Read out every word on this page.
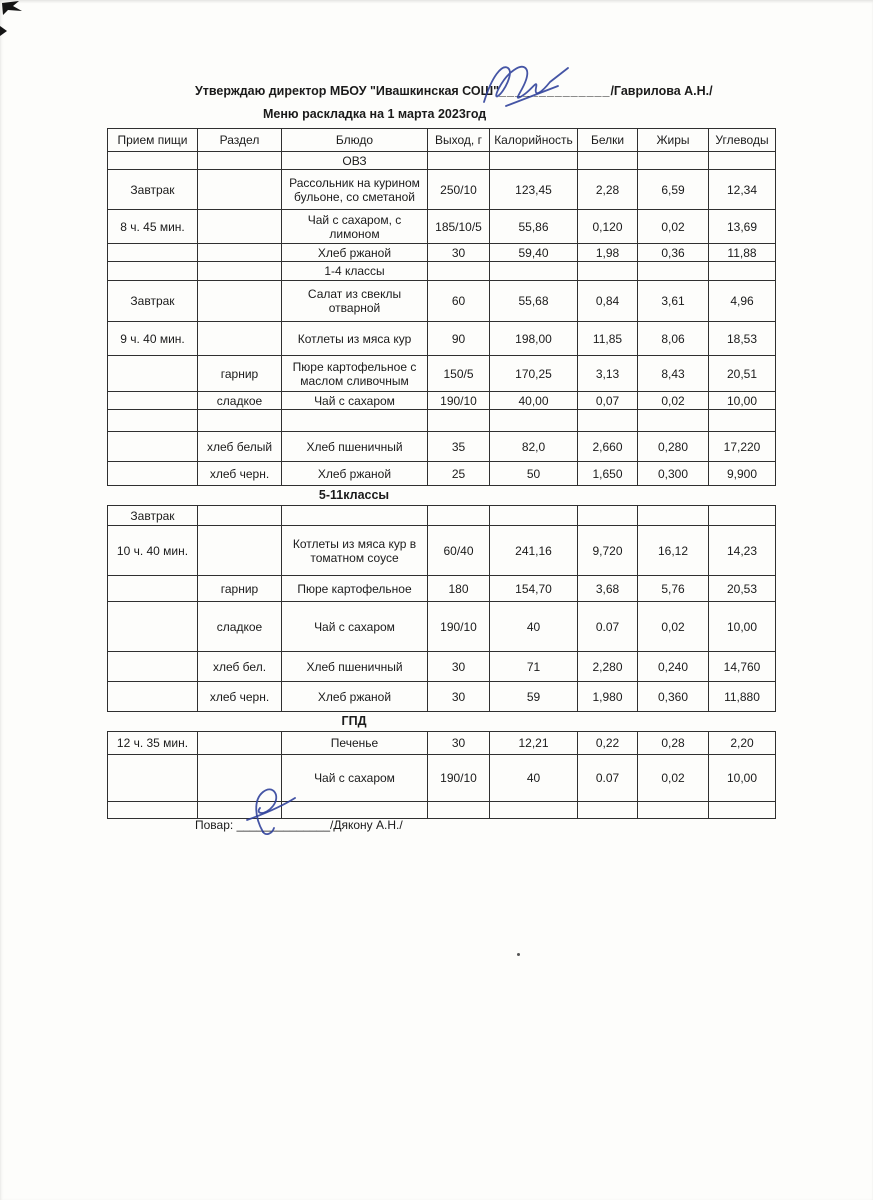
Утверждаю директор МБОУ "Ивашкинская СОШ"______________/Гаврилова А.Н./
Меню раскладка на 1 марта 2023год
Прием пищи	Раздел	Блюдо	Выход, г	Калорийность	Белки	Жиры	Углеводы
		ОВЗ					
Завтрак		Рассольник на курином бульоне, со сметаной	250/10	123,45	2,28	6,59	12,34
8 ч. 45 мин.		Чай с сахаром, с лимоном	185/10/5	55,86	0,120	0,02	13,69
		Хлеб ржаной	30	59,40	1,98	0,36	11,88
		1-4 классы					
Завтрак		Салат из свеклы отварной	60	55,68	0,84	3,61	4,96
9 ч. 40 мин.		Котлеты из мяса кур	90	198,00	11,85	8,06	18,53
	гарнир	Пюре картофельное с маслом сливочным	150/5	170,25	3,13	8,43	20,51
	сладкое	Чай с сахаром	190/10	40,00	0,07	0,02	10,00

	хлеб белый	Хлеб пшеничный	35	82,0	2,660	0,280	17,220
	хлеб черн.	Хлеб ржаной	25	50	1,650	0,300	9,900
5-11классы
Завтрак							
10 ч. 40 мин.		Котлеты из мяса кур в томатном соусе	60/40	241,16	9,720	16,12	14,23
	гарнир	Пюре картофельное	180	154,70	3,68	5,76	20,53
	сладкое	Чай с сахаром	190/10	40	0.07	0,02	10,00
	хлеб бел.	Хлеб пшеничный	30	71	2,280	0,240	14,760
	хлеб черн.	Хлеб ржаной	30	59	1,980	0,360	11,880
ГПД
12 ч. 35 мин.		Печенье	30	12,21	0,22	0,28	2,20
		Чай с сахаром	190/10	40	0.07	0,02	10,00

Повар: ______________/Дякону А.Н./
